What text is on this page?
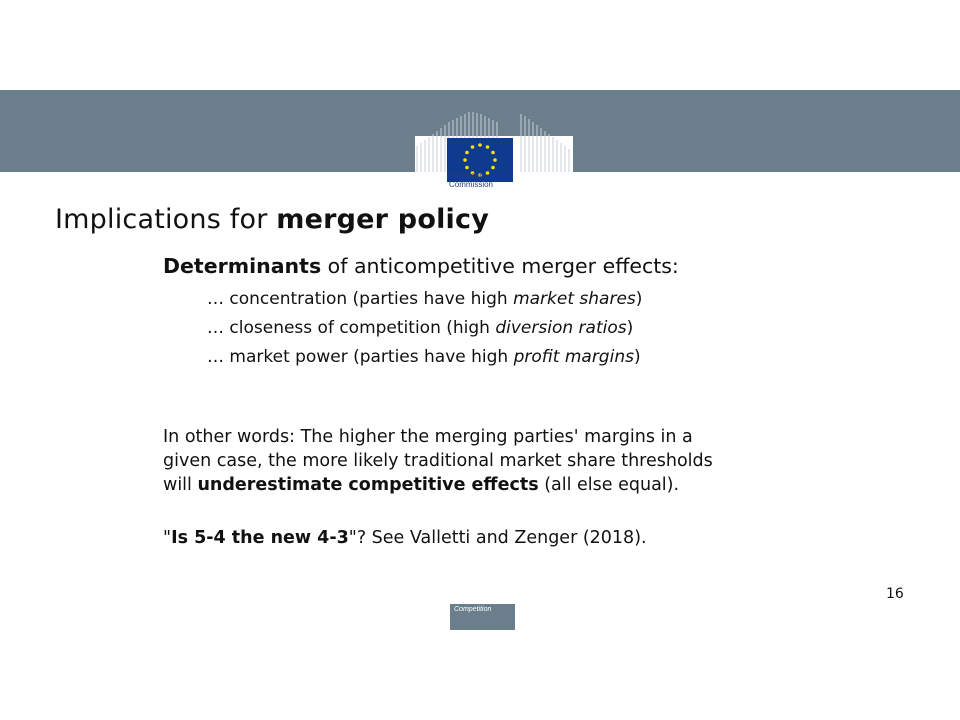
European
Commission
Implications for merger policy
Determinants of anticompetitive merger effects:
… concentration (parties have high market shares)
… closeness of competition (high diversion ratios)
… market power (parties have high profit margins)
In other words: The higher the merging parties' margins in a
given case, the more likely traditional market share thresholds
will underestimate competitive effects (all else equal).
"Is 5-4 the new 4-3"? See Valletti and Zenger (2018).
16
Competition
